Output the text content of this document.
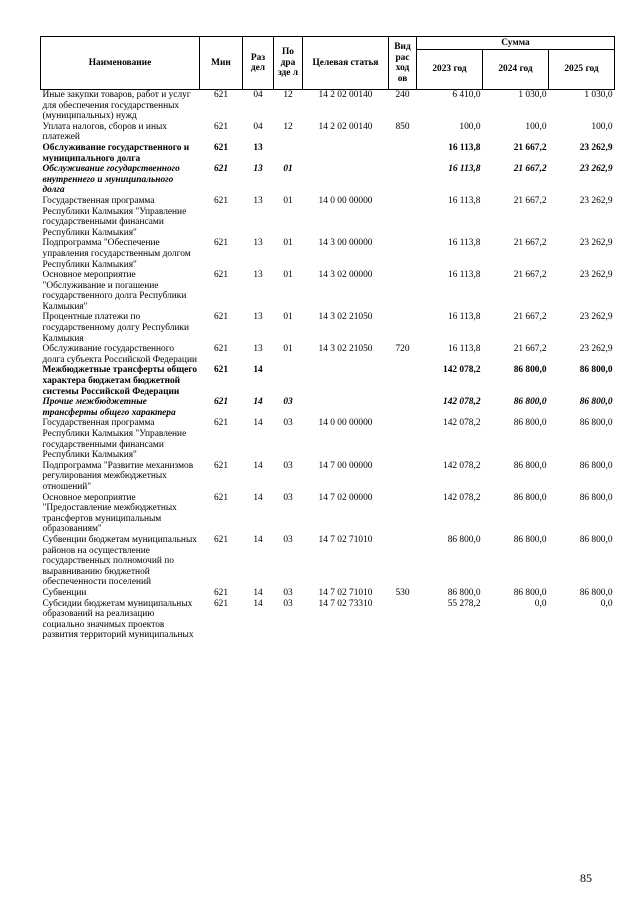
Наименование	Мин	Раз дел	По дра зде л	Целевая статья	Вид рас ход ов	Сумма		
						2023 год	2024 год	2025 год
Иные закупки товаров, работ и услуг для обеспечения государственных (муниципальных) нужд	621	04	12	14 2 02 00140	240	6 410,0	1 030,0	1 030,0
Уплата налогов, сборов и иных платежей	621	04	12	14 2 02 00140	850	100,0	100,0	100,0
Обслуживание государственного и муниципального долга	621	13				16 113,8	21 667,2	23 262,9
Обслуживание государственного внутреннего и муниципального долга	621	13	01			16 113,8	21 667,2	23 262,9
Государственная программа Республики Калмыкия "Управление государственными финансами Республики Калмыкия"	621	13	01	14 0 00 00000		16 113,8	21 667,2	23 262,9
Подпрограмма "Обеспечение управления государственным долгом Республики Калмыкия"	621	13	01	14 3 00 00000		16 113,8	21 667,2	23 262,9
Основное мероприятие "Обслуживание и погашение государственного долга Республики Калмыкия"	621	13	01	14 3 02 00000		16 113,8	21 667,2	23 262,9
Процентные платежи по государственному долгу Республики Калмыкия	621	13	01	14 3 02 21050		16 113,8	21 667,2	23 262,9
Обслуживание государственного долга субъекта Российской Федерации	621	13	01	14 3 02 21050	720	16 113,8	21 667,2	23 262,9
Межбюджетные трансферты общего характера бюджетам бюджетной системы Российской Федерации	621	14				142 078,2	86 800,0	86 800,0
Прочие межбюджетные трансферты общего характера	621	14	03			142 078,2	86 800,0	86 800,0
Государственная программа Республики Калмыкия "Управление государственными финансами Республики Калмыкия"	621	14	03	14 0 00 00000		142 078,2	86 800,0	86 800,0
Подпрограмма "Развитие механизмов регулирования межбюджетных отношений"	621	14	03	14 7 00 00000		142 078,2	86 800,0	86 800,0
Основное мероприятие "Предоставление межбюджетных трансфертов муниципальным образованиям"	621	14	03	14 7 02 00000		142 078,2	86 800,0	86 800,0
Субвенции бюджетам муниципальных районов на осуществление государственных полномочий по выравниванию бюджетной обеспеченности поселений	621	14	03	14 7 02 71010		86 800,0	86 800,0	86 800,0
Субвенции	621	14	03	14 7 02 71010	530	86 800,0	86 800,0	86 800,0
Субсидии бюджетам муниципальных образований на реализацию социально значимых проектов развития территорий муниципальных	621	14	03	14 7 02 73310		55 278,2	0,0	0,0
85
